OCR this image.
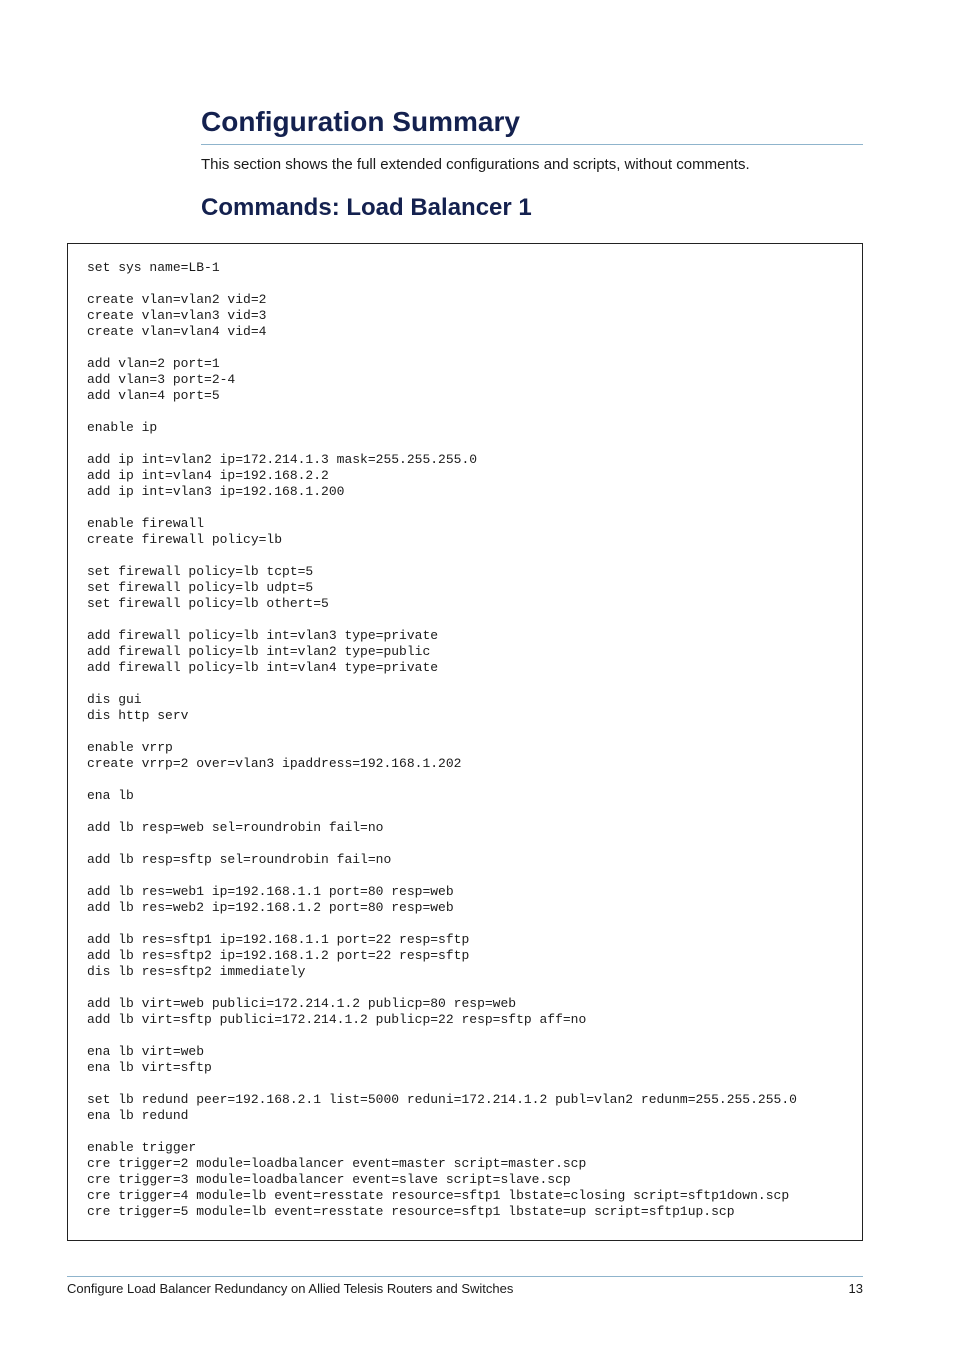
Configuration Summary

This section shows the full extended configurations and scripts, without comments.

Commands: Load Balancer 1
set sys name=LB-1

create vlan=vlan2 vid=2
create vlan=vlan3 vid=3
create vlan=vlan4 vid=4

add vlan=2 port=1
add vlan=3 port=2-4
add vlan=4 port=5

enable ip

add ip int=vlan2 ip=172.214.1.3 mask=255.255.255.0
add ip int=vlan4 ip=192.168.2.2
add ip int=vlan3 ip=192.168.1.200

enable firewall
create firewall policy=lb

set firewall policy=lb tcpt=5
set firewall policy=lb udpt=5
set firewall policy=lb othert=5

add firewall policy=lb int=vlan3 type=private
add firewall policy=lb int=vlan2 type=public
add firewall policy=lb int=vlan4 type=private

dis gui
dis http serv

enable vrrp
create vrrp=2 over=vlan3 ipaddress=192.168.1.202

ena lb

add lb resp=web sel=roundrobin fail=no

add lb resp=sftp sel=roundrobin fail=no

add lb res=web1 ip=192.168.1.1 port=80 resp=web
add lb res=web2 ip=192.168.1.2 port=80 resp=web

add lb res=sftp1 ip=192.168.1.1 port=22 resp=sftp
add lb res=sftp2 ip=192.168.1.2 port=22 resp=sftp
dis lb res=sftp2 immediately

add lb virt=web publici=172.214.1.2 publicp=80 resp=web
add lb virt=sftp publici=172.214.1.2 publicp=22 resp=sftp aff=no

ena lb virt=web
ena lb virt=sftp

set lb redund peer=192.168.2.1 list=5000 reduni=172.214.1.2 publ=vlan2 redunm=255.255.255.0
ena lb redund

enable trigger
cre trigger=2 module=loadbalancer event=master script=master.scp
cre trigger=3 module=loadbalancer event=slave script=slave.scp
cre trigger=4 module=lb event=resstate resource=sftp1 lbstate=closing script=sftp1down.scp
cre trigger=5 module=lb event=resstate resource=sftp1 lbstate=up script=sftp1up.scp
Configure Load Balancer Redundancy on Allied Telesis Routers and Switches	13
